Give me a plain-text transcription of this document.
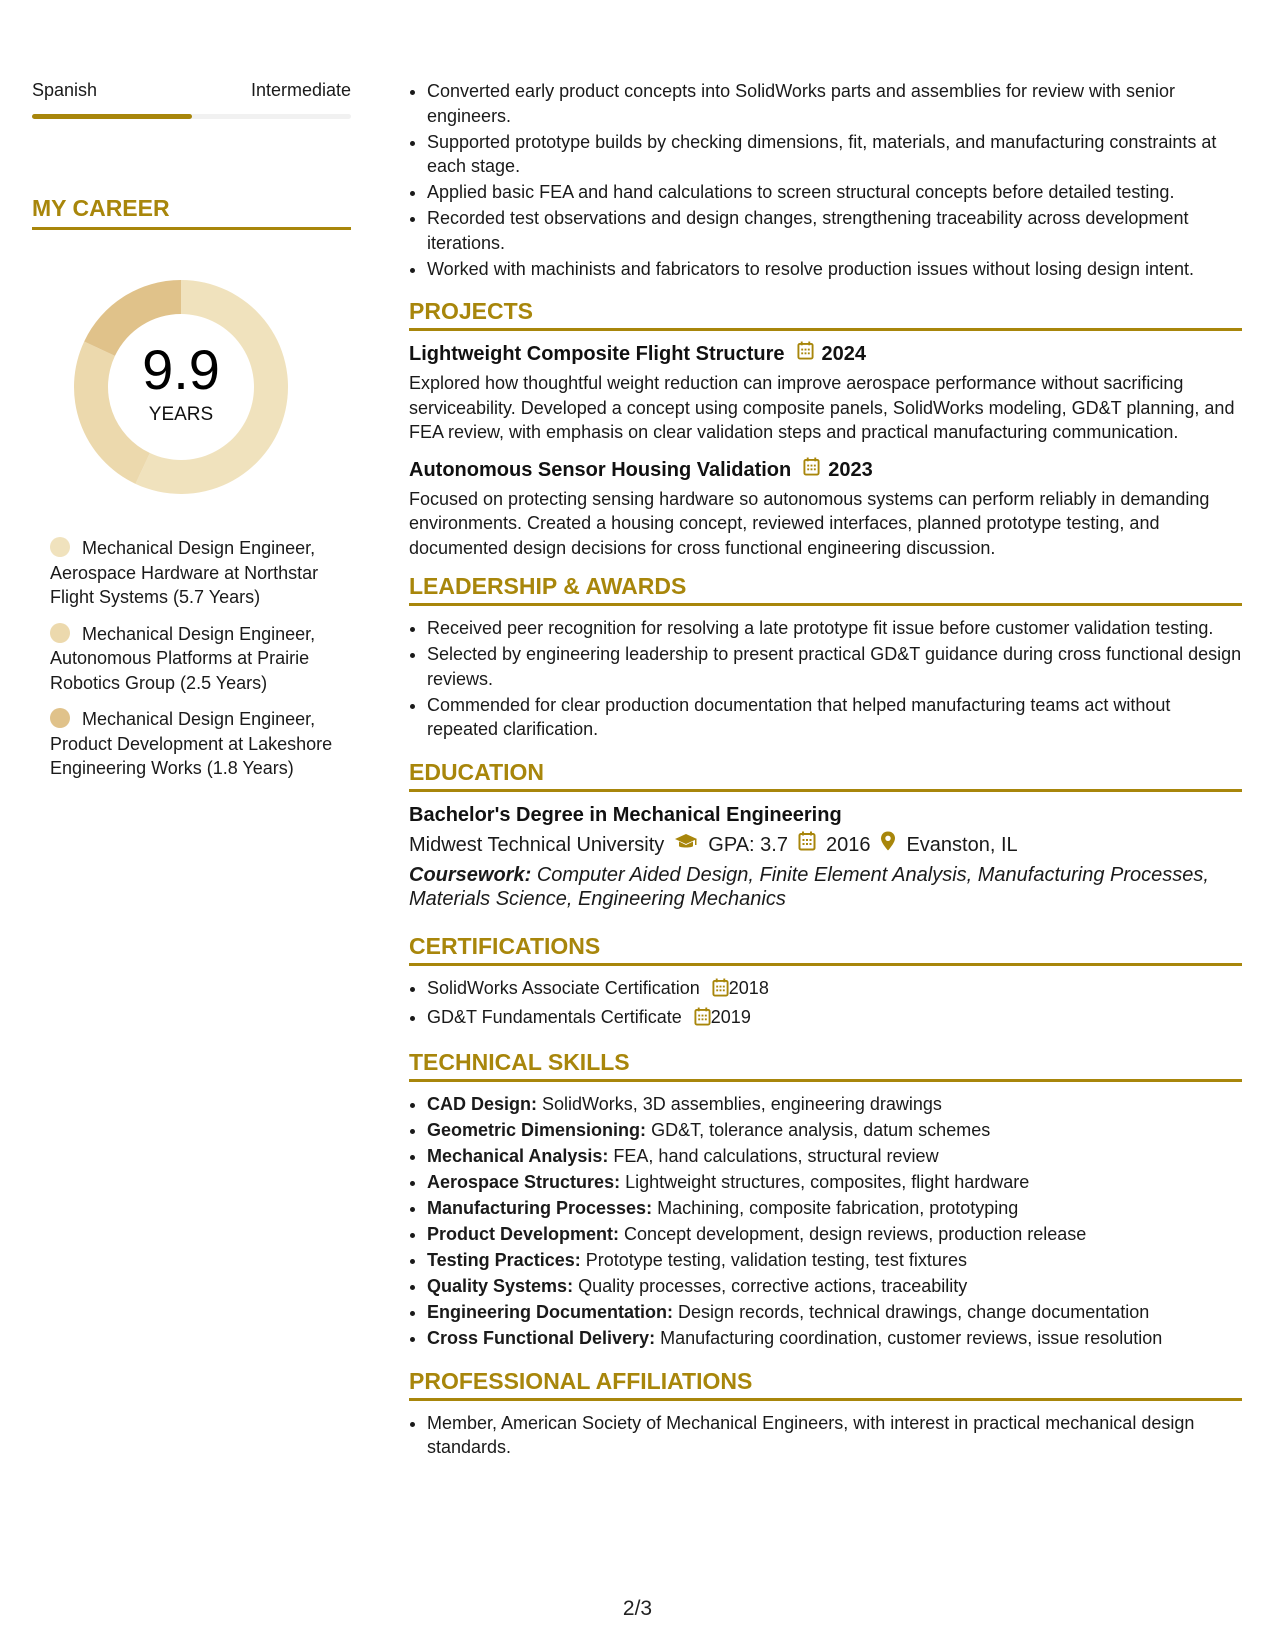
Spanish	Intermediate
MY CAREER
9.9
YEARS
Mechanical Design Engineer, Aerospace Hardware at Northstar Flight Systems (5.7 Years)
Mechanical Design Engineer, Autonomous Platforms at Prairie Robotics Group (2.5 Years)
Mechanical Design Engineer, Product Development at Lakeshore Engineering Works (1.8 Years)
• Converted early product concepts into SolidWorks parts and assemblies for review with senior engineers.
• Supported prototype builds by checking dimensions, fit, materials, and manufacturing constraints at each stage.
• Applied basic FEA and hand calculations to screen structural concepts before detailed testing.
• Recorded test observations and design changes, strengthening traceability across development iterations.
• Worked with machinists and fabricators to resolve production issues without losing design intent.
PROJECTS
Lightweight Composite Flight Structure 2024
Explored how thoughtful weight reduction can improve aerospace performance without sacrificing serviceability. Developed a concept using composite panels, SolidWorks modeling, GD&T planning, and FEA review, with emphasis on clear validation steps and practical manufacturing communication.
Autonomous Sensor Housing Validation 2023
Focused on protecting sensing hardware so autonomous systems can perform reliably in demanding environments. Created a housing concept, reviewed interfaces, planned prototype testing, and documented design decisions for cross functional engineering discussion.
LEADERSHIP & AWARDS
• Received peer recognition for resolving a late prototype fit issue before customer validation testing.
• Selected by engineering leadership to present practical GD&T guidance during cross functional design reviews.
• Commended for clear production documentation that helped manufacturing teams act without repeated clarification.
EDUCATION
Bachelor's Degree in Mechanical Engineering
Midwest Technical University GPA: 3.7 2016 Evanston, IL
Coursework: Computer Aided Design, Finite Element Analysis, Manufacturing Processes, Materials Science, Engineering Mechanics
CERTIFICATIONS
• SolidWorks Associate Certification 2018
• GD&T Fundamentals Certificate 2019
TECHNICAL SKILLS
• CAD Design: SolidWorks, 3D assemblies, engineering drawings
• Geometric Dimensioning: GD&T, tolerance analysis, datum schemes
• Mechanical Analysis: FEA, hand calculations, structural review
• Aerospace Structures: Lightweight structures, composites, flight hardware
• Manufacturing Processes: Machining, composite fabrication, prototyping
• Product Development: Concept development, design reviews, production release
• Testing Practices: Prototype testing, validation testing, test fixtures
• Quality Systems: Quality processes, corrective actions, traceability
• Engineering Documentation: Design records, technical drawings, change documentation
• Cross Functional Delivery: Manufacturing coordination, customer reviews, issue resolution
PROFESSIONAL AFFILIATIONS
• Member, American Society of Mechanical Engineers, with interest in practical mechanical design standards.
2/3
